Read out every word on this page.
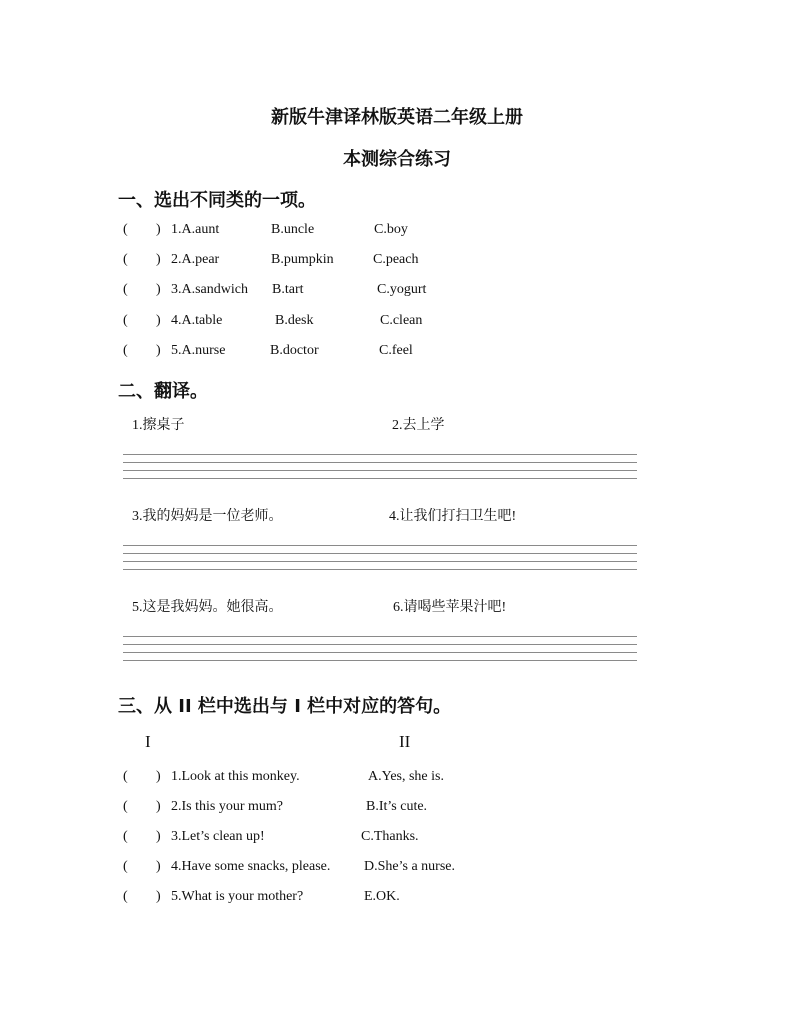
新版牛津译林版英语二年级上册
本测综合练习
一、选出不同类的一项。
( ) 1.A.aunt	B.uncle	C.boy
( ) 2.A.pear	B.pumpkin	C.peach
( ) 3.A.sandwich B.tart	C.yogurt
( ) 4.A.table	B.desk	C.clean
( ) 5.A.nurse	B.doctor	C.feel
二、翻译。
1.擦桌子	2.去上学
3.我的妈妈是一位老师。	4.让我们打扫卫生吧!
5.这是我妈妈。她很高。	6.请喝些苹果汁吧!
三、从 II 栏中选出与 I 栏中对应的答句。
I	II
( ) 1.Look at this monkey.	A.Yes, she is.
( ) 2.Is this your mum?	B.It’s cute.
( ) 3.Let’s clean up!	C.Thanks.
( ) 4.Have some snacks, please. D.She’s a nurse.
( ) 5.What is your mother?	E.OK.
